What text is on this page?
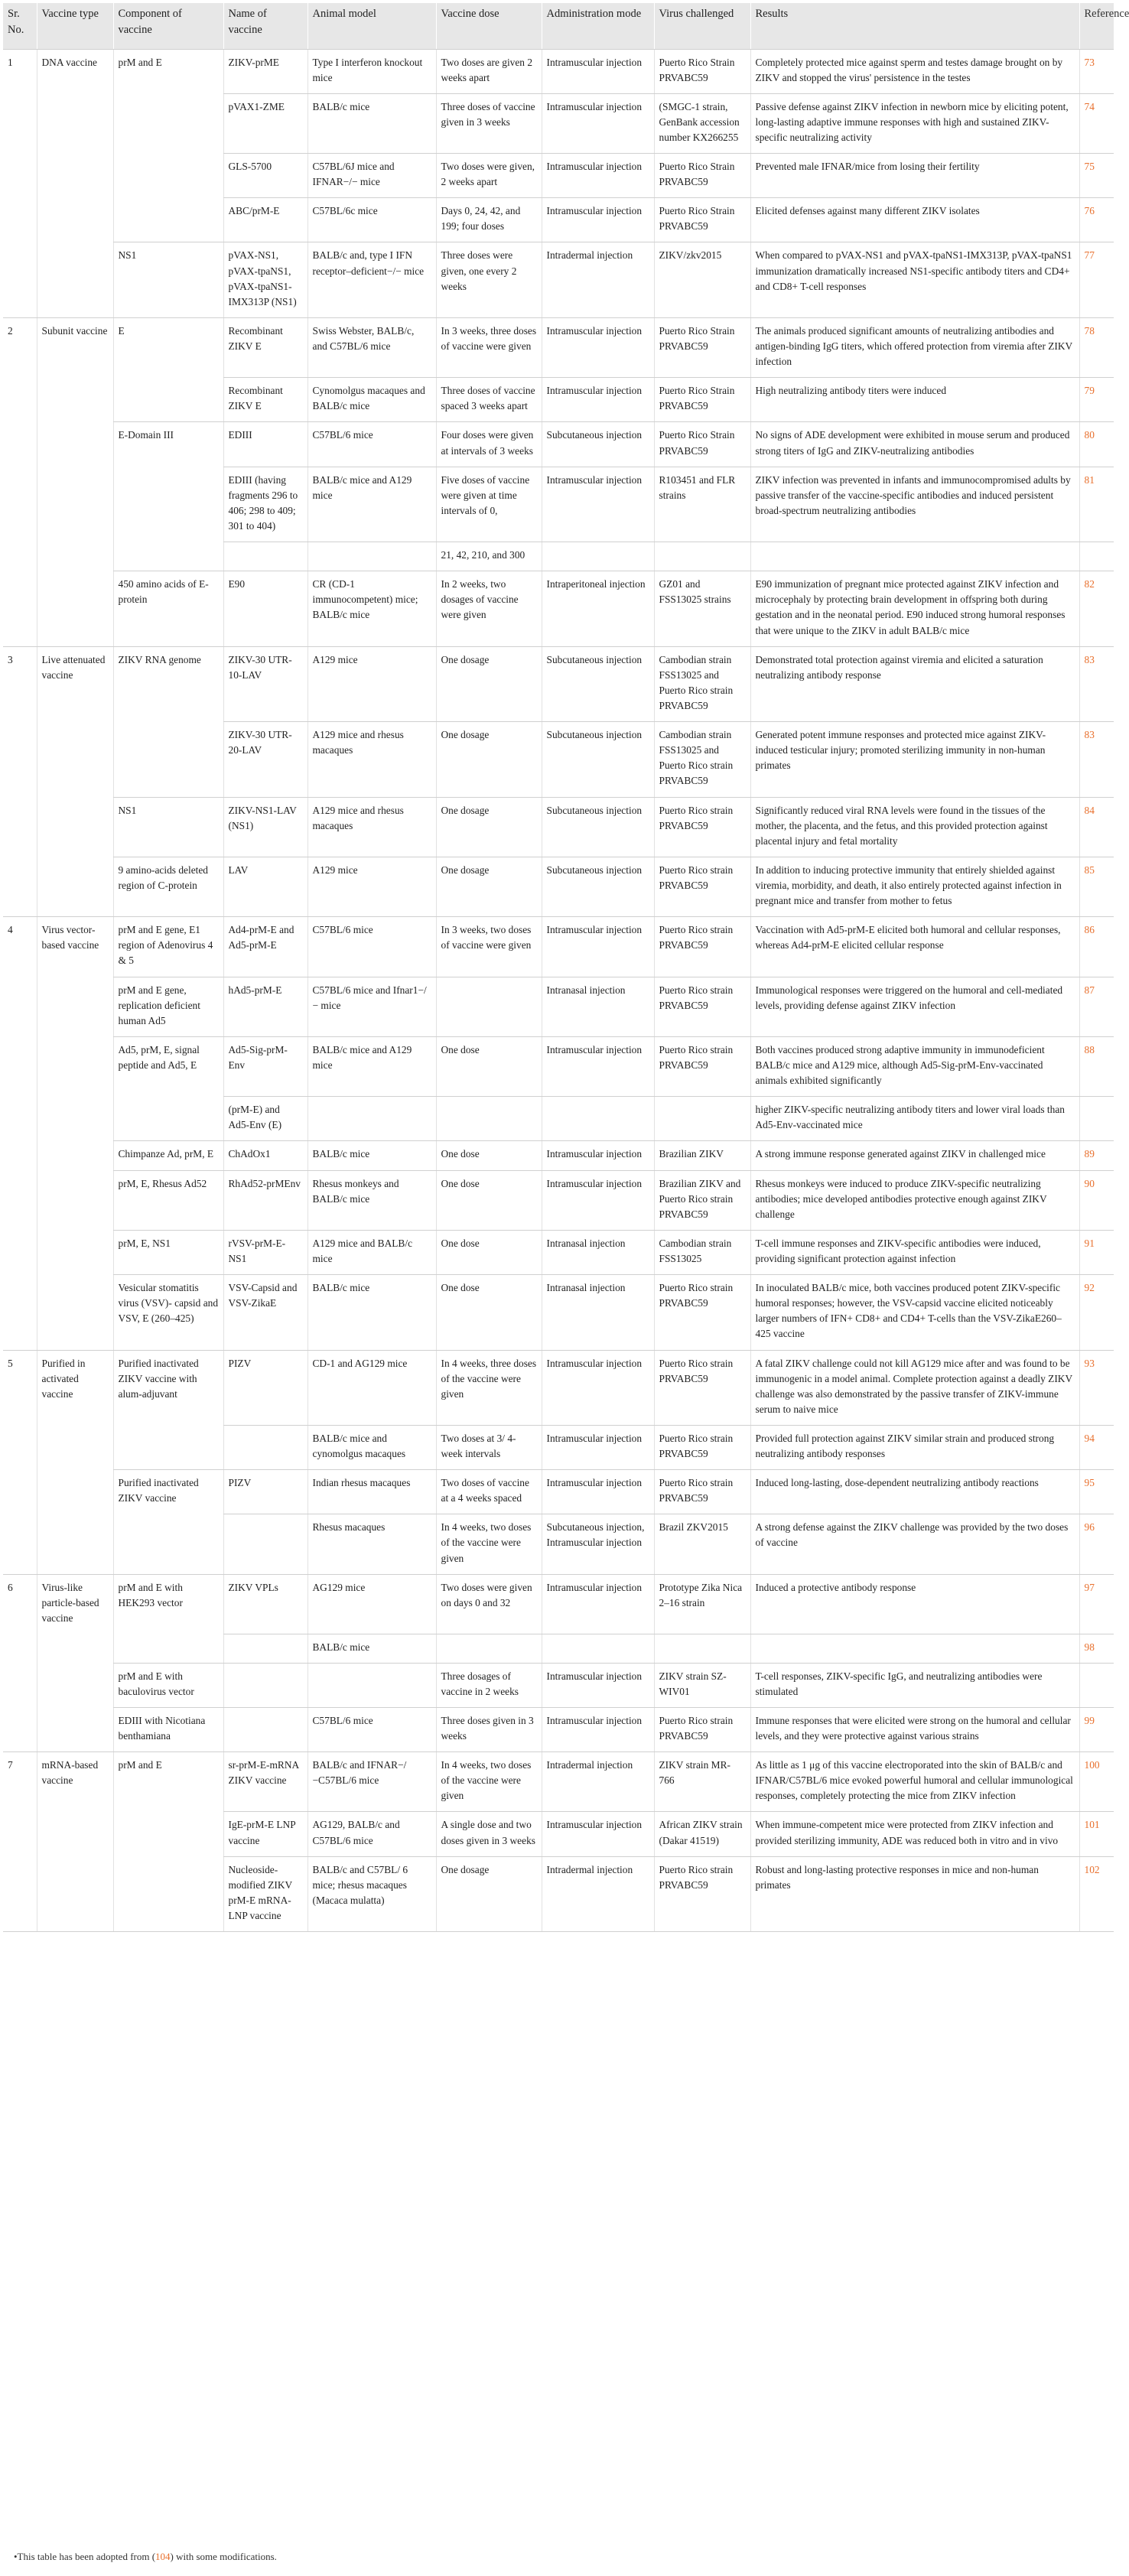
Sr. No.	Vaccine type	Component of vaccine	Name of vaccine	Animal model	Vaccine dose	Administration mode	Virus challenged	Results	Reference
1	DNA vaccine	prM and E	ZIKV-prME	Type I interferon knockout mice	Two doses are given 2 weeks apart	Intramuscular injection	Puerto Rico Strain PRVABC59	Completely protected mice against sperm and testes damage brought on by ZIKV and stopped the virus' persistence in the testes	73
			pVAX1-ZME	BALB/c mice	Three doses of vaccine given in 3 weeks	Intramuscular injection	(SMGC-1 strain, GenBank accession number KX266255	Passive defense against ZIKV infection in newborn mice by eliciting potent, long-lasting adaptive immune responses with high and sustained ZIKV-specific neutralizing activity	74
			GLS-5700	C57BL/6J mice and IFNAR−/− mice	Two doses were given, 2 weeks apart	Intramuscular injection	Puerto Rico Strain PRVABC59	Prevented male IFNAR/mice from losing their fertility	75
			ABC/prM-E	C57BL/6c mice	Days 0, 24, 42, and 199; four doses	Intramuscular injection	Puerto Rico Strain PRVABC59	Elicited defenses against many different ZIKV isolates	76
		NS1	pVAX-NS1, pVAX-tpaNS1, pVAX-tpaNS1-IMX313P (NS1)	BALB/c and, type I IFN receptor–deficient−/− mice	Three doses were given, one every 2 weeks	Intradermal injection	ZIKV/zkv2015	When compared to pVAX-NS1 and pVAX-tpaNS1-IMX313P, pVAX-tpaNS1 immunization dramatically increased NS1-specific antibody titers and CD4+ and CD8+ T-cell responses	77
2	Subunit vaccine	E	Recombinant ZIKV E	Swiss Webster, BALB/c, and C57BL/6 mice	In 3 weeks, three doses of vaccine were given	Intramuscular injection	Puerto Rico Strain PRVABC59	The animals produced significant amounts of neutralizing antibodies and antigen-binding IgG titers, which offered protection from viremia after ZIKV infection	78
			Recombinant ZIKV E	Cynomolgus macaques and BALB/c mice	Three doses of vaccine spaced 3 weeks apart	Intramuscular injection	Puerto Rico Strain PRVABC59	High neutralizing antibody titers were induced	79
		E-Domain III	EDIII	C57BL/6 mice	Four doses were given at intervals of 3 weeks	Subcutaneous injection	Puerto Rico Strain PRVABC59	No signs of ADE development were exhibited in mouse serum and produced strong titers of IgG and ZIKV-neutralizing antibodies	80
			EDIII (having fragments 296 to 406; 298 to 409; 301 to 404)	BALB/c mice and A129 mice	Five doses of vaccine were given at time intervals of 0,	Intramuscular injection	R103451 and FLR strains	ZIKV infection was prevented in infants and immunocompromised adults by passive transfer of the vaccine-specific antibodies and induced persistent broad-spectrum neutralizing antibodies	81
					21, 42, 210, and 300				
		450 amino acids of E-protein	E90	CR (CD-1 immunocompetent) mice; BALB/c mice	In 2 weeks, two dosages of vaccine were given	Intraperitoneal injection	GZ01 and FSS13025 strains	E90 immunization of pregnant mice protected against ZIKV infection and microcephaly by protecting brain development in offspring both during gestation and in the neonatal period. E90 induced strong humoral responses that were unique to the ZIKV in adult BALB/c mice	82
3	Live attenuated vaccine	ZIKV RNA genome	ZIKV-30 UTR-10-LAV	A129 mice	One dosage	Subcutaneous injection	Cambodian strain FSS13025 and Puerto Rico strain PRVABC59	Demonstrated total protection against viremia and elicited a saturation neutralizing antibody response	83
			ZIKV-30 UTR-20-LAV	A129 mice and rhesus macaques	One dosage	Subcutaneous injection	Cambodian strain FSS13025 and Puerto Rico strain PRVABC59	Generated potent immune responses and protected mice against ZIKV-induced testicular injury; promoted sterilizing immunity in non-human primates	83
		NS1	ZIKV-NS1-LAV (NS1)	A129 mice and rhesus macaques	One dosage	Subcutaneous injection	Puerto Rico strain PRVABC59	Significantly reduced viral RNA levels were found in the tissues of the mother, the placenta, and the fetus, and this provided protection against placental injury and fetal mortality	84
		9 amino-acids deleted region of C-protein	LAV	A129 mice	One dosage	Subcutaneous injection	Puerto Rico strain PRVABC59	In addition to inducing protective immunity that entirely shielded against viremia, morbidity, and death, it also entirely protected against infection in pregnant mice and transfer from mother to fetus	85
4	Virus vector-based vaccine	prM and E gene, E1 region of Adenovirus 4 & 5	Ad4-prM-E and Ad5-prM-E	C57BL/6 mice	In 3 weeks, two doses of vaccine were given	Intramuscular injection	Puerto Rico strain PRVABC59	Vaccination with Ad5-prM-E elicited both humoral and cellular responses, whereas Ad4-prM-E elicited cellular response	86
		prM and E gene, replication deficient human Ad5	hAd5-prM-E	C57BL/6 mice and Ifnar1−/− mice		Intranasal injection	Puerto Rico strain PRVABC59	Immunological responses were triggered on the humoral and cell-mediated levels, providing defense against ZIKV infection	87
		Ad5, prM, E, signal peptide and Ad5, E	Ad5-Sig-prM-Env	BALB/c mice and A129 mice	One dose	Intramuscular injection	Puerto Rico strain PRVABC59	Both vaccines produced strong adaptive immunity in immunodeficient BALB/c mice and A129 mice, although Ad5-Sig-prM-Env-vaccinated animals exhibited significantly	88
			(prM-E) and Ad5-Env (E)					higher ZIKV-specific neutralizing antibody titers and lower viral loads than Ad5-Env-vaccinated mice	
		Chimpanze Ad, prM, E	ChAdOx1	BALB/c mice	One dose	Intramuscular injection	Brazilian ZIKV	A strong immune response generated against ZIKV in challenged mice	89
		prM, E, Rhesus Ad52	RhAd52-prMEnv	Rhesus monkeys and BALB/c mice	One dose	Intramuscular injection	Brazilian ZIKV and Puerto Rico strain PRVABC59	Rhesus monkeys were induced to produce ZIKV-specific neutralizing antibodies; mice developed antibodies protective enough against ZIKV challenge	90
		prM, E, NS1	rVSV-prM-E-NS1	A129 mice and BALB/c mice	One dose	Intranasal injection	Cambodian strain FSS13025	T-cell immune responses and ZIKV-specific antibodies were induced, providing significant protection against infection	91
		Vesicular stomatitis virus (VSV)- capsid and VSV, E (260–425)	VSV-Capsid and VSV-ZikaE	BALB/c mice	One dose	Intranasal injection	Puerto Rico strain PRVABC59	In inoculated BALB/c mice, both vaccines produced potent ZIKV-specific humoral responses; however, the VSV-capsid vaccine elicited noticeably larger numbers of IFN+ CD8+ and CD4+ T-cells than the VSV-ZikaE260–425 vaccine	92
5	Purified in activated vaccine	Purified inactivated ZIKV vaccine with alum-adjuvant	PIZV	CD-1 and AG129 mice	In 4 weeks, three doses of the vaccine were given	Intramuscular injection	Puerto Rico strain PRVABC59	A fatal ZIKV challenge could not kill AG129 mice after and was found to be immunogenic in a model animal. Complete protection against a deadly ZIKV challenge was also demonstrated by the passive transfer of ZIKV-immune serum to naive mice	93
				BALB/c mice and cynomolgus macaques	Two doses at 3/ 4-week intervals	Intramuscular injection	Puerto Rico strain PRVABC59	Provided full protection against ZIKV similar strain and produced strong neutralizing antibody responses	94
		Purified inactivated ZIKV vaccine	PIZV	Indian rhesus macaques	Two doses of vaccine at a 4 weeks spaced	Intramuscular injection	Puerto Rico strain PRVABC59	Induced long-lasting, dose-dependent neutralizing antibody reactions	95
				Rhesus macaques	In 4 weeks, two doses of the vaccine were given	Subcutaneous injection, Intramuscular injection	Brazil ZKV2015	A strong defense against the ZIKV challenge was provided by the two doses of vaccine	96
6	Virus-like particle-based vaccine	prM and E with HEK293 vector	ZIKV VPLs	AG129 mice	Two doses were given on days 0 and 32	Intramuscular injection	Prototype Zika Nica 2–16 strain	Induced a protective antibody response	97
				BALB/c mice					98
		prM and E with baculovirus vector			Three dosages of vaccine in 2 weeks	Intramuscular injection	ZIKV strain SZ-WIV01	T-cell responses, ZIKV-specific IgG, and neutralizing antibodies were stimulated	
		EDIII with Nicotiana benthamiana		C57BL/6 mice	Three doses given in 3 weeks	Intramuscular injection	Puerto Rico strain PRVABC59	Immune responses that were elicited were strong on the humoral and cellular levels, and they were protective against various strains	99
7	mRNA-based vaccine	prM and E	sr-prM-E-mRNA ZIKV vaccine	BALB/c and IFNAR−/−C57BL/6 mice	In 4 weeks, two doses of the vaccine were given	Intradermal injection	ZIKV strain MR-766	As little as 1 μg of this vaccine electroporated into the skin of BALB/c and IFNAR/C57BL/6 mice evoked powerful humoral and cellular immunological responses, completely protecting the mice from ZIKV infection	100
			IgE-prM-E LNP vaccine	AG129, BALB/c and C57BL/6 mice	A single dose and two doses given in 3 weeks	Intramuscular injection	African ZIKV strain (Dakar 41519)	When immune-competent mice were protected from ZIKV infection and provided sterilizing immunity, ADE was reduced both in vitro and in vivo	101
			Nucleoside-modified ZIKV prM-E mRNA-LNP vaccine	BALB/c and C57BL/ 6 mice; rhesus macaques (Macaca mulatta)	One dosage	Intradermal injection	Puerto Rico strain PRVABC59	Robust and long-lasting protective responses in mice and non-human primates	102
•This table has been adopted from (104) with some modifications.
